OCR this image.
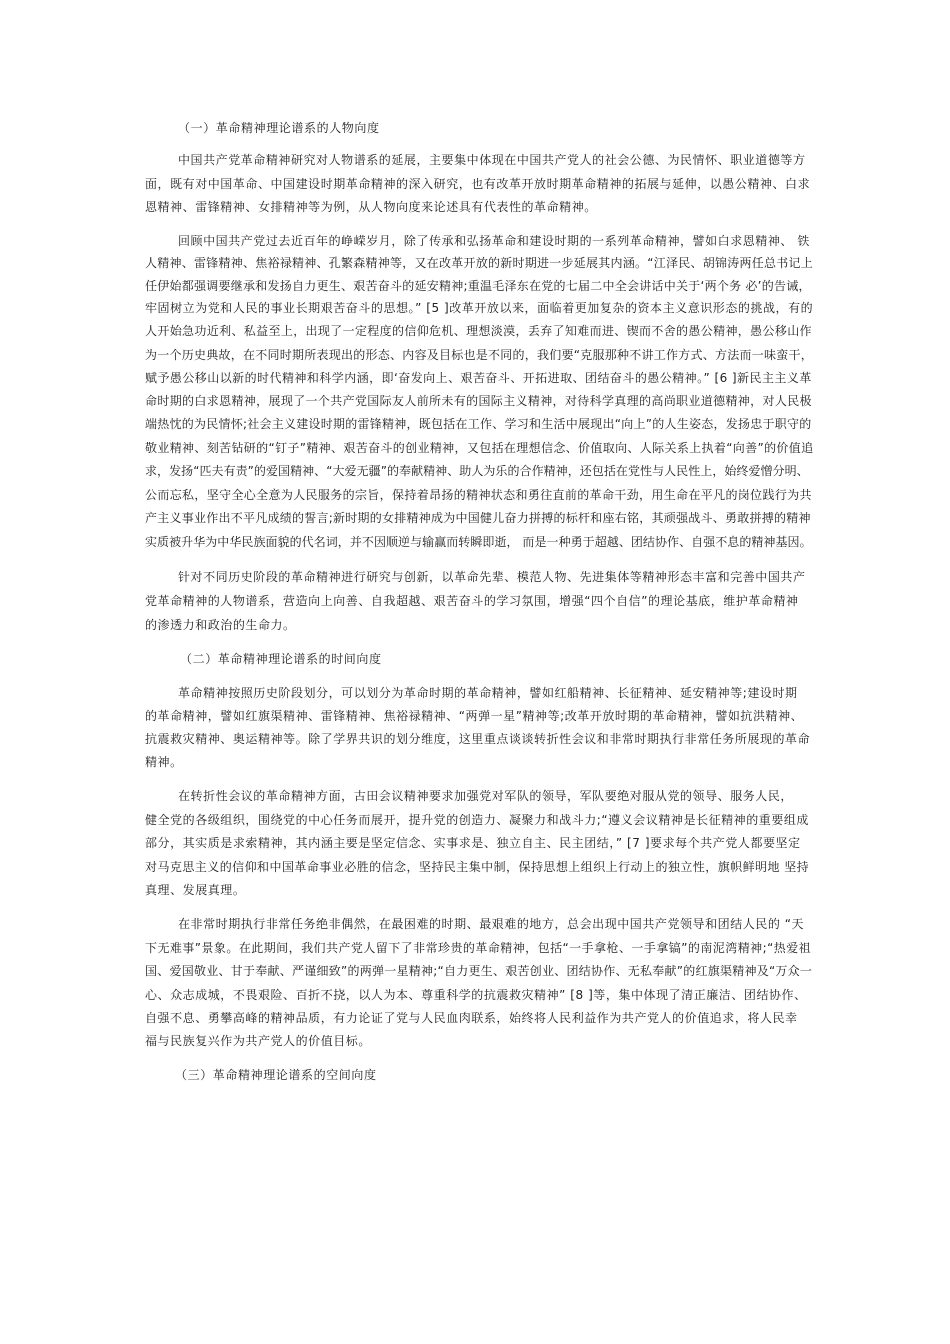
（一）革命精神理论谱系的人物向度
中国共产党革命精神研究对人物谱系的延展，主要集中体现在中国共产党人的社会公德、为民情怀、职业道德等方
面，既有对中国革命、中国建设时期革命精神的深入研究，也有改革开放时期革命精神的拓展与延伸，以愚公精神、白求
恩精神、雷锋精神、女排精神等为例，从人物向度来论述具有代表性的革命精神。
回顾中国共产党过去近百年的峥嵘岁月，除了传承和弘扬革命和建设时期的一系列革命精神，譬如白求恩精神、 铁
人精神、雷锋精神、焦裕禄精神、孔繁森精神等，又在改革开放的新时期进一步延展其内涵。“江泽民、胡锦涛两任总书记上
任伊始都强调要继承和发扬自力更生、艰苦奋斗的延安精神;重温毛泽东在党的七届二中全会讲话中关于‘两个务 必’的告诫，
牢固树立为党和人民的事业长期艰苦奋斗的思想。” [5 ]改革开放以来，面临着更加复杂的资本主义意识形态的挑战，有的
人开始急功近利、私益至上，出现了一定程度的信仰危机、理想淡漠，丢弃了知难而进、锲而不舍的愚公精神，愚公移山作
为一个历史典故，在不同时期所表现出的形态、内容及目标也是不同的，我们要“克服那种不讲工作方式、方法而一味蛮干，
赋予愚公移山以新的时代精神和科学内涵，即‘奋发向上、艰苦奋斗、开拓进取、团结奋斗的愚公精神。” [6 ]新民主主义革
命时期的白求恩精神，展现了一个共产党国际友人前所未有的国际主义精神，对待科学真理的高尚职业道德精神，对人民极
端热忱的为民情怀;社会主义建设时期的雷锋精神，既包括在工作、学习和生活中展现出“向上”的人生姿态，发扬忠于职守的
敬业精神、刻苦钻研的“钉子”精神、艰苦奋斗的创业精神，又包括在理想信念、价值取向、人际关系上执着“向善”的价值追
求，发扬“匹夫有责”的爱国精神、“大爱无疆”的奉献精神、助人为乐的合作精神，还包括在党性与人民性上，始终爱憎分明、
公而忘私，坚守全心全意为人民服务的宗旨，保持着昂扬的精神状态和勇往直前的革命干劲，用生命在平凡的岗位践行为共
产主义事业作出不平凡成绩的誓言;新时期的女排精神成为中国健儿奋力拼搏的标杆和座右铭，其顽强战斗、勇敢拼搏的精神
实质被升华为中华民族面貌的代名词，并不因顺逆与输赢而转瞬即逝， 而是一种勇于超越、团结协作、自强不息的精神基因。
针对不同历史阶段的革命精神进行研究与创新，以革命先辈、模范人物、先进集体等精神形态丰富和完善中国共产
党革命精神的人物谱系，营造向上向善、自我超越、艰苦奋斗的学习氛围，增强“四个自信”的理论基底，维护革命精神
的渗透力和政治的生命力。
（二）革命精神理论谱系的时间向度
革命精神按照历史阶段划分，可以划分为革命时期的革命精神，譬如红船精神、长征精神、延安精神等;建设时期
的革命精神，譬如红旗渠精神、雷锋精神、焦裕禄精神、“两弹一星”精神等;改革开放时期的革命精神，譬如抗洪精神、
抗震救灾精神、奥运精神等。除了学界共识的划分维度，这里重点谈谈转折性会议和非常时期执行非常任务所展现的革命
精神。
在转折性会议的革命精神方面，古田会议精神要求加强党对军队的领导，军队要绝对服从党的领导、服务人民，
健全党的各级组织，围绕党的中心任务而展开，提升党的创造力、凝聚力和战斗力;“遵义会议精神是长征精神的重要组成
部分，其实质是求索精神，其内涵主要是坚定信念、实事求是、独立自主、民主团结，” [7 ]要求每个共产党人都要坚定
对马克思主义的信仰和中国革命事业必胜的信念，坚持民主集中制，保持思想上组织上行动上的独立性，旗帜鲜明地 坚持
真理、发展真理。
在非常时期执行非常任务绝非偶然，在最困难的时期、最艰难的地方，总会出现中国共产党领导和团结人民的 “天
下无难事”景象。在此期间，我们共产党人留下了非常珍贵的革命精神，包括“一手拿枪、一手拿镐”的南泥湾精神;“热爱祖
国、爱国敬业、甘于奉献、严谨细致”的两弹一星精神;“自力更生、艰苦创业、团结协作、无私奉献”的红旗渠精神及“万众一
心、众志成城，不畏艰险、百折不挠，以人为本、尊重科学的抗震救灾精神” [8 ]等，集中体现了清正廉洁、团结协作、
自强不息、勇攀高峰的精神品质，有力论证了党与人民血肉联系，始终将人民利益作为共产党人的价值追求，将人民幸
福与民族复兴作为共产党人的价值目标。
（三）革命精神理论谱系的空间向度
